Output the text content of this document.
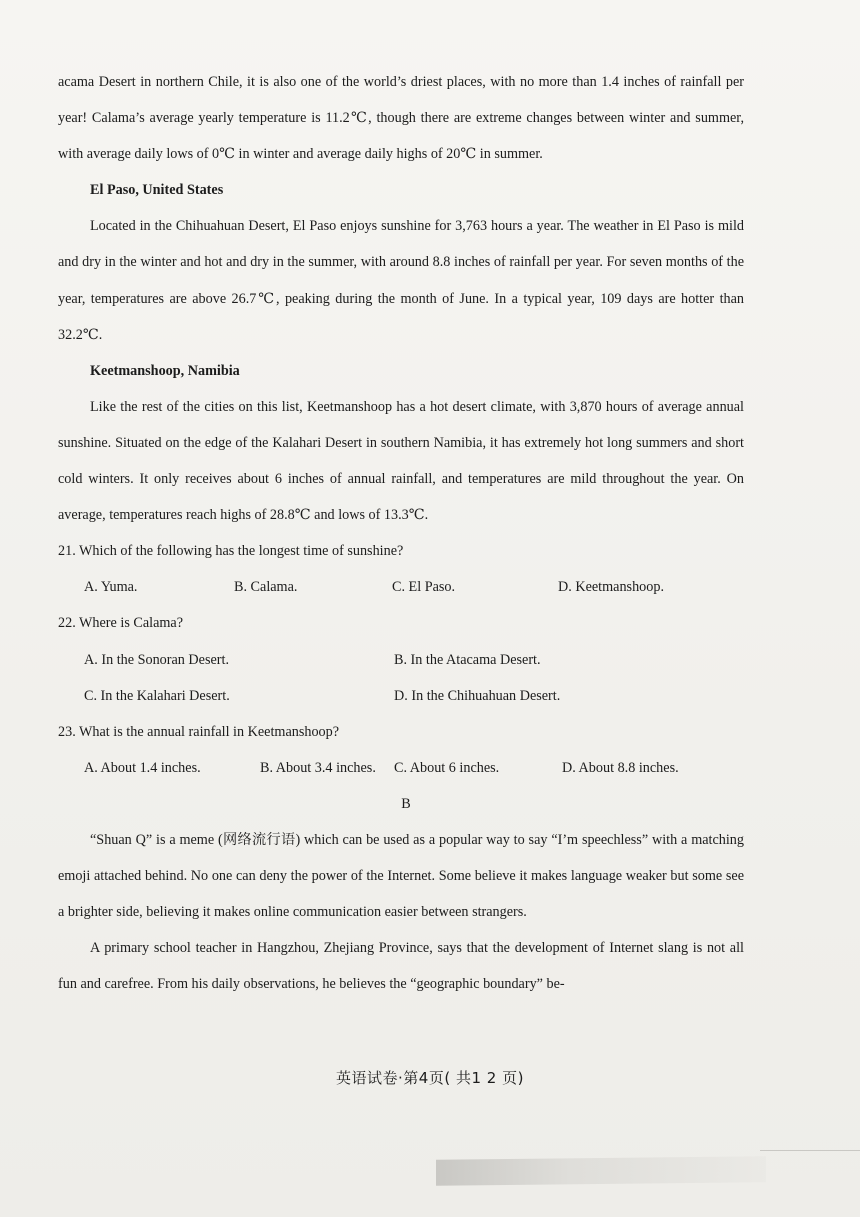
acama Desert in northern Chile, it is also one of the world’s driest places, with no more than 1.4 inches of rainfall per year! Calama’s average yearly temperature is 11.2℃, though there are extreme changes between winter and summer, with average daily lows of 0℃ in winter and average daily highs of 20℃ in summer.

El Paso, United States

Located in the Chihuahuan Desert, El Paso enjoys sunshine for 3,763 hours a year. The weather in El Paso is mild and dry in the winter and hot and dry in the summer, with around 8.8 inches of rainfall per year. For seven months of the year, temperatures are above 26.7℃, peaking during the month of June. In a typical year, 109 days are hotter than 32.2℃.

Keetmanshoop, Namibia

Like the rest of the cities on this list, Keetmanshoop has a hot desert climate, with 3,870 hours of average annual sunshine. Situated on the edge of the Kalahari Desert in southern Namibia, it has extremely hot long summers and short cold winters. It only receives about 6 inches of annual rainfall, and temperatures are mild throughout the year. On average, temperatures reach highs of 28.8℃ and lows of 13.3℃.

21. Which of the following has the longest time of sunshine?

A. Yuma.	B. Calama.	C. El Paso.	D. Keetmanshoop.

22. Where is Calama?

A. In the Sonoran Desert.	B. In the Atacama Desert.
C. In the Kalahari Desert.	D. In the Chihuahuan Desert.

23. What is the annual rainfall in Keetmanshoop?

A. About 1.4 inches.	B. About 3.4 inches.	C. About 6 inches.	D. About 8.8 inches.

B

“Shuan Q” is a meme (网络流行语) which can be used as a popular way to say “I’m speechless” with a matching emoji attached behind. No one can deny the power of the Internet. Some believe it makes language weaker but some see a brighter side, believing it makes online communication easier between strangers.

A primary school teacher in Hangzhou, Zhejiang Province, says that the development of Internet slang is not all fun and carefree. From his daily observations, he believes the “geographic boundary” be-

英语试卷·第4页( 共1 2 页)
